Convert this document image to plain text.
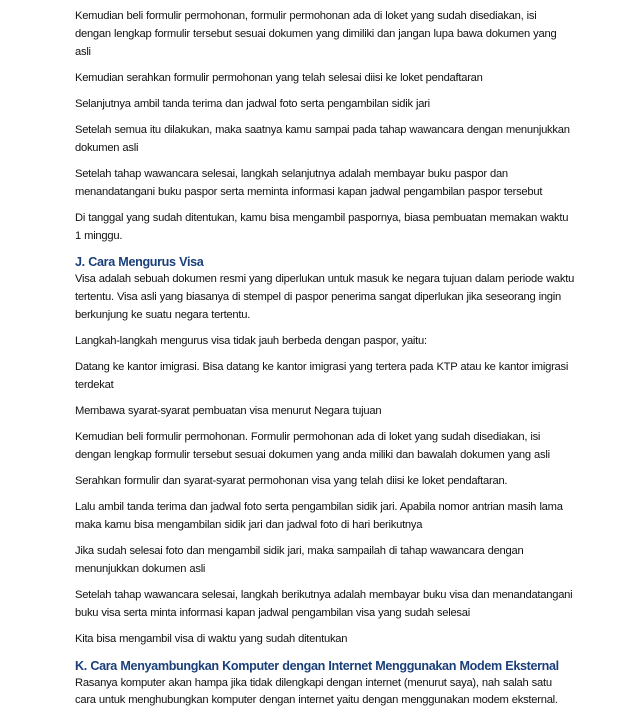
Kemudian beli formulir permohonan, formulir permohonan ada di loket yang sudah disediakan, isi dengan lengkap formulir tersebut sesuai dokumen yang dimiliki dan jangan lupa bawa dokumen yang asli

Kemudian serahkan formulir permohonan yang telah selesai diisi ke loket pendaftaran

Selanjutnya ambil tanda terima dan jadwal foto serta pengambilan sidik jari

Setelah semua itu dilakukan, maka saatnya kamu sampai pada tahap wawancara dengan menunjukkan dokumen asli

Setelah tahap wawancara selesai, langkah selanjutnya adalah membayar buku paspor dan menandatangani buku paspor serta meminta informasi kapan jadwal pengambilan paspor tersebut

Di tanggal yang sudah ditentukan, kamu bisa mengambil paspornya, biasa pembuatan memakan waktu 1 minggu.

J. Cara Mengurus Visa

Visa adalah sebuah dokumen resmi yang diperlukan untuk masuk ke negara tujuan dalam periode waktu tertentu. Visa asli yang biasanya di stempel di paspor penerima sangat diperlukan jika seseorang ingin berkunjung ke suatu negara tertentu.

Langkah-langkah mengurus visa tidak jauh berbeda dengan paspor, yaitu:

Datang ke kantor imigrasi. Bisa datang ke kantor imigrasi yang tertera pada KTP atau ke kantor imigrasi terdekat

Membawa syarat-syarat pembuatan visa menurut Negara tujuan

Kemudian beli formulir permohonan. Formulir permohonan ada di loket yang sudah disediakan, isi dengan lengkap formulir tersebut sesuai dokumen yang anda miliki dan bawalah dokumen yang asli

Serahkan formulir dan syarat-syarat permohonan visa yang telah diisi ke loket pendaftaran.

Lalu ambil tanda terima dan jadwal foto serta pengambilan sidik jari. Apabila nomor antrian masih lama maka kamu bisa mengambilan sidik jari dan jadwal foto di hari berikutnya

Jika sudah selesai foto dan mengambil sidik jari, maka sampailah di tahap wawancara dengan menunjukkan dokumen asli

Setelah tahap wawancara selesai, langkah berikutnya adalah membayar buku visa dan menandatangani buku visa serta minta informasi kapan jadwal pengambilan visa yang sudah selesai

Kita bisa mengambil visa di waktu yang sudah ditentukan

K. Cara Menyambungkan Komputer dengan Internet Menggunakan Modem Eksternal

Rasanya komputer akan hampa jika tidak dilengkapi dengan internet (menurut saya), nah salah satu cara untuk menghubungkan komputer dengan internet yaitu dengan menggunakan modem eksternal.
